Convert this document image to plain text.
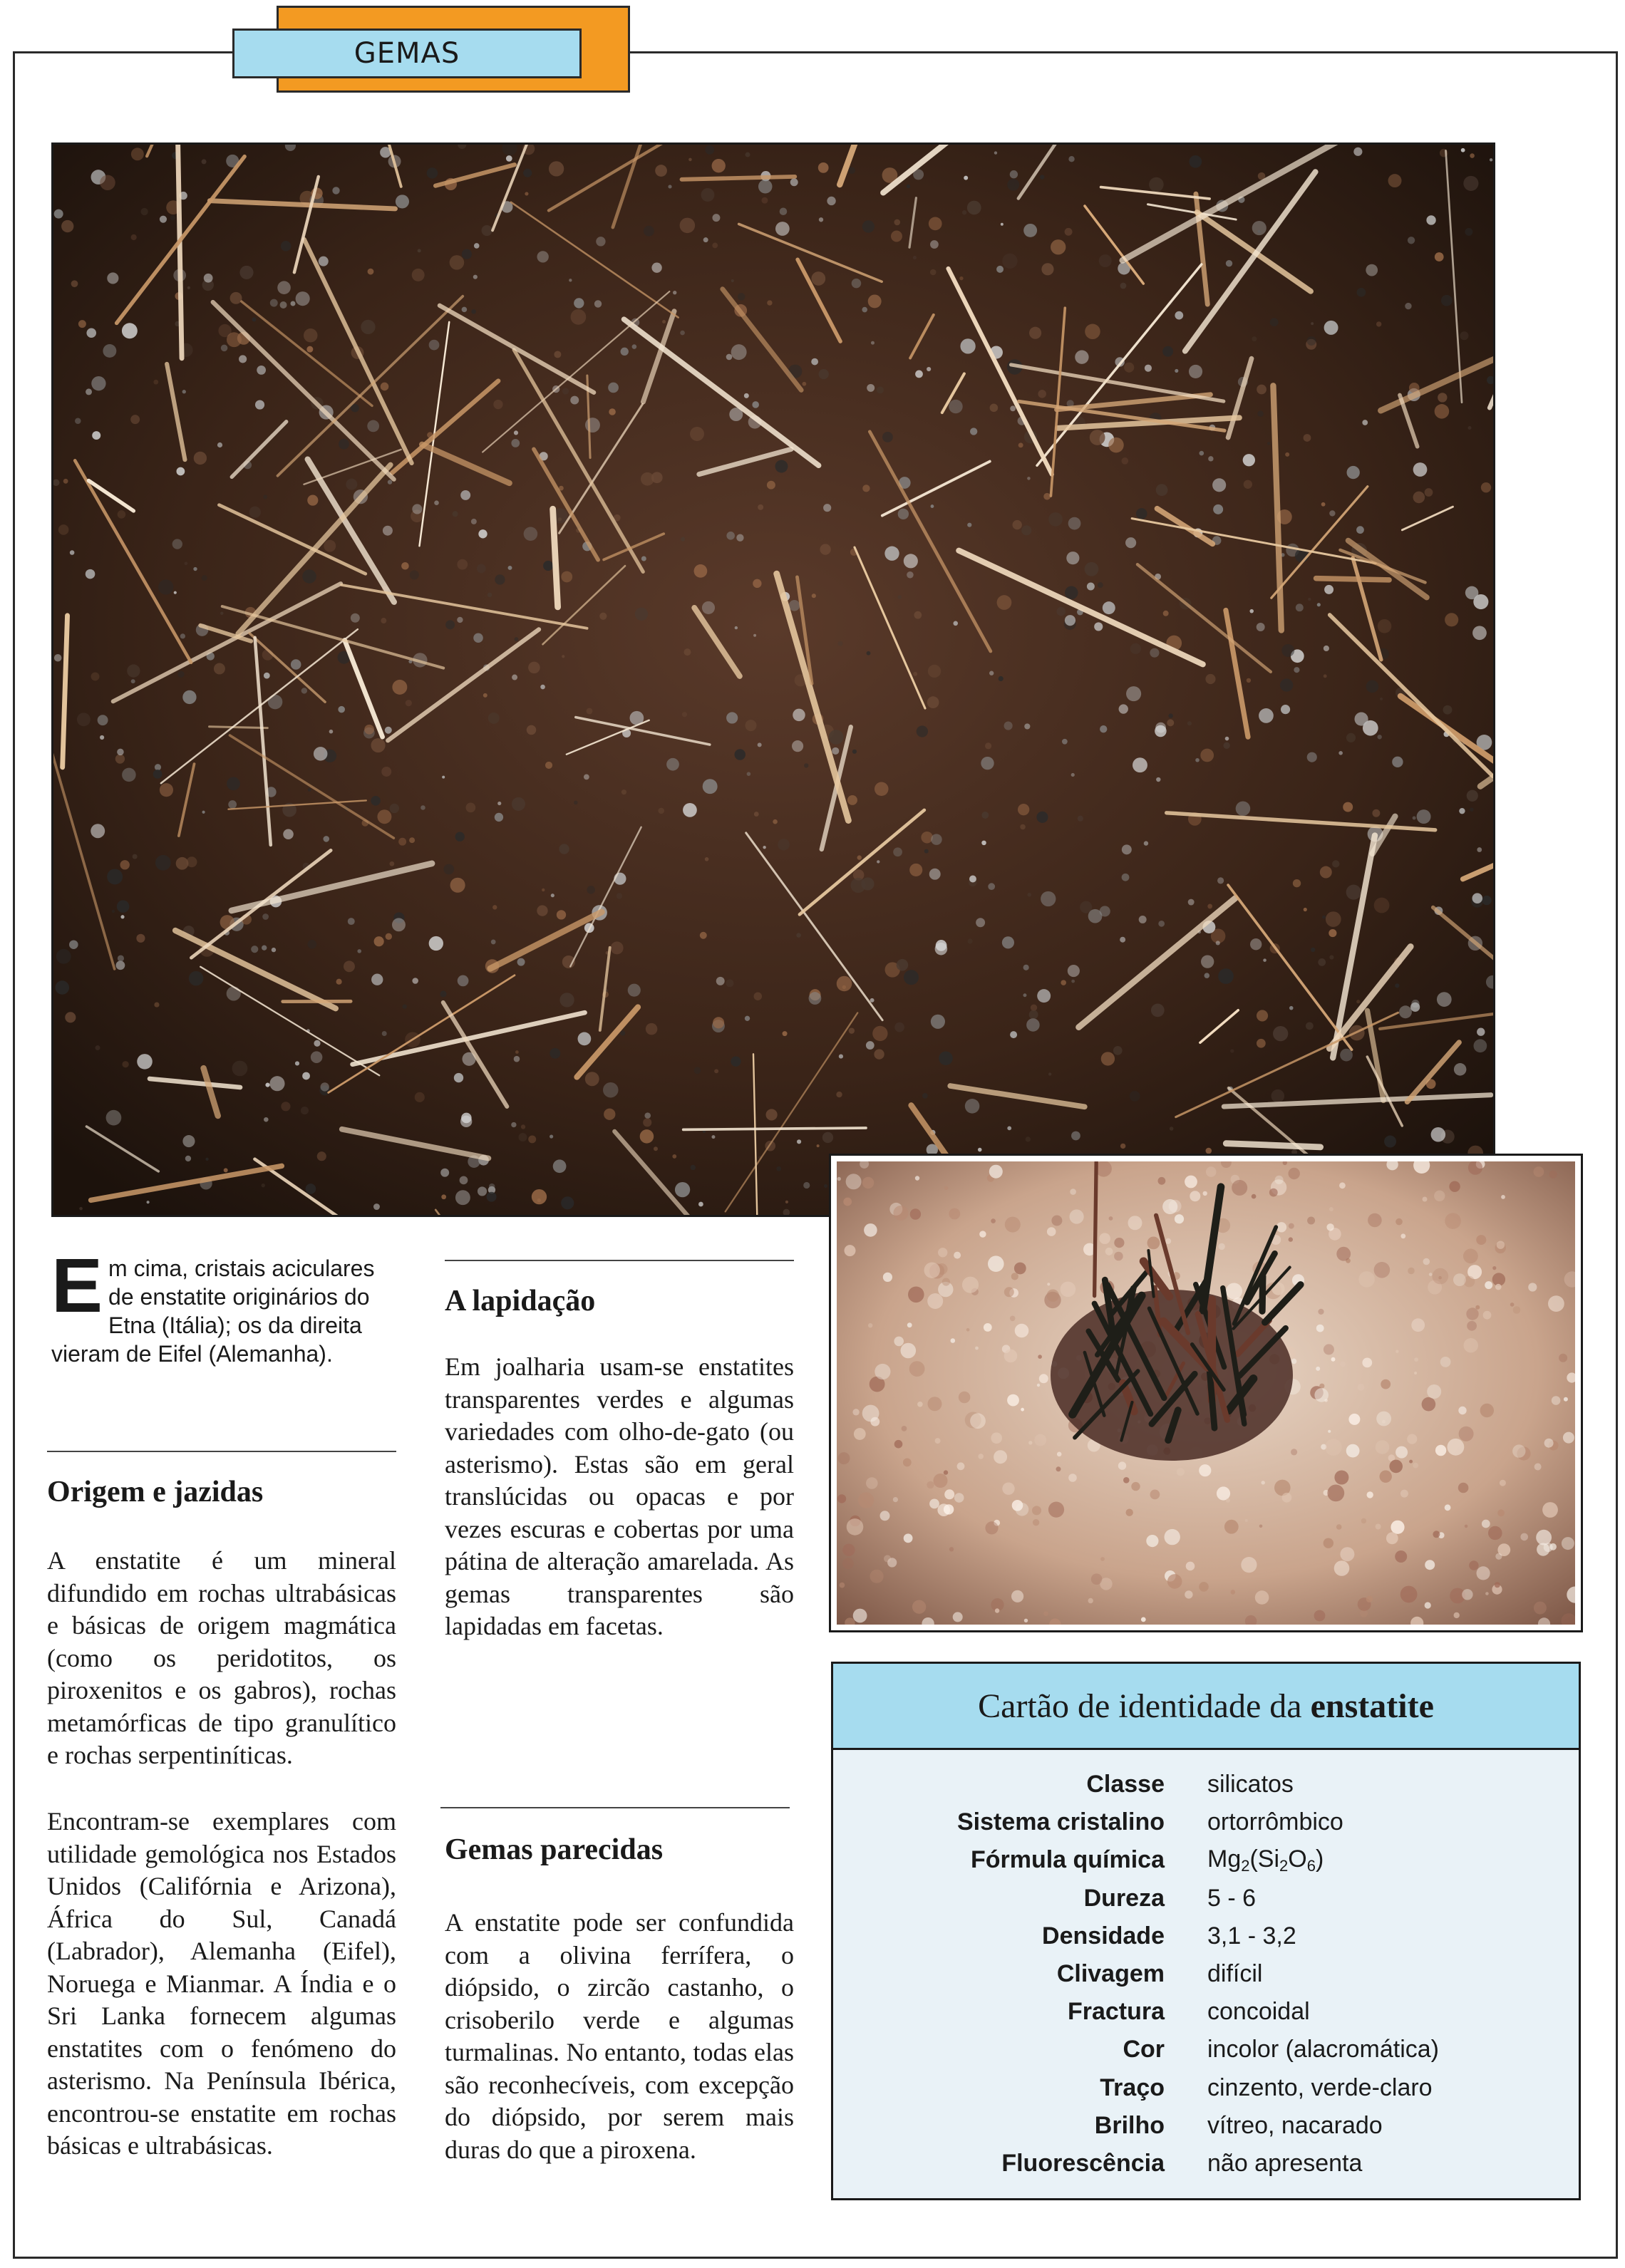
GEMAS
Em cima, cristais aciculares de enstatite originários do Etna (Itália); os da direita vieram de Eifel (Alemanha).
Origem e jazidas

A enstatite é um mineral difundido em rochas ultrabásicas e básicas de origem magmática (como os peridotitos, os piroxenitos e os gabros), rochas metamórficas de tipo granulítico e rochas serpentiníticas.

Encontram-se exemplares com utilidade gemológica nos Estados Unidos (Califórnia e Arizona), África do Sul, Canadá (Labrador), Alemanha (Eifel), Noruega e Mianmar. A Índia e o Sri Lanka fornecem algumas enstatites com o fenómeno do asterismo. Na Península Ibérica, encontrou-se enstatite em rochas básicas e ultrabásicas.

A lapidação

Em joalharia usam-se enstatites transparentes verdes e algumas variedades com olho-de-gato (ou asterismo). Estas são em geral translúcidas ou opacas e por vezes escuras e cobertas por uma pátina de alteração amarelada. As gemas transparentes são lapidadas em facetas.

Gemas parecidas

A enstatite pode ser confundida com a olivina ferrífera, o diópsido, o zircão castanho, o crisoberilo verde e algumas turmalinas. No entanto, todas elas são reconhecíveis, com excepção do diópsido, por serem mais duras do que a piroxena.

Cartão de identidade da enstatite
Classe	silicatos
Sistema cristalino	ortorrômbico
Fórmula química	$Mg_2(Si_2O_6)$
Dureza	5 - 6
Densidade	3,1 - 3,2
Clivagem	difícil
Fractura	concoidal
Cor	incolor (alacromática)
Traço	cinzento, verde-claro
Brilho	vítreo, nacarado
Fluorescência	não apresenta
